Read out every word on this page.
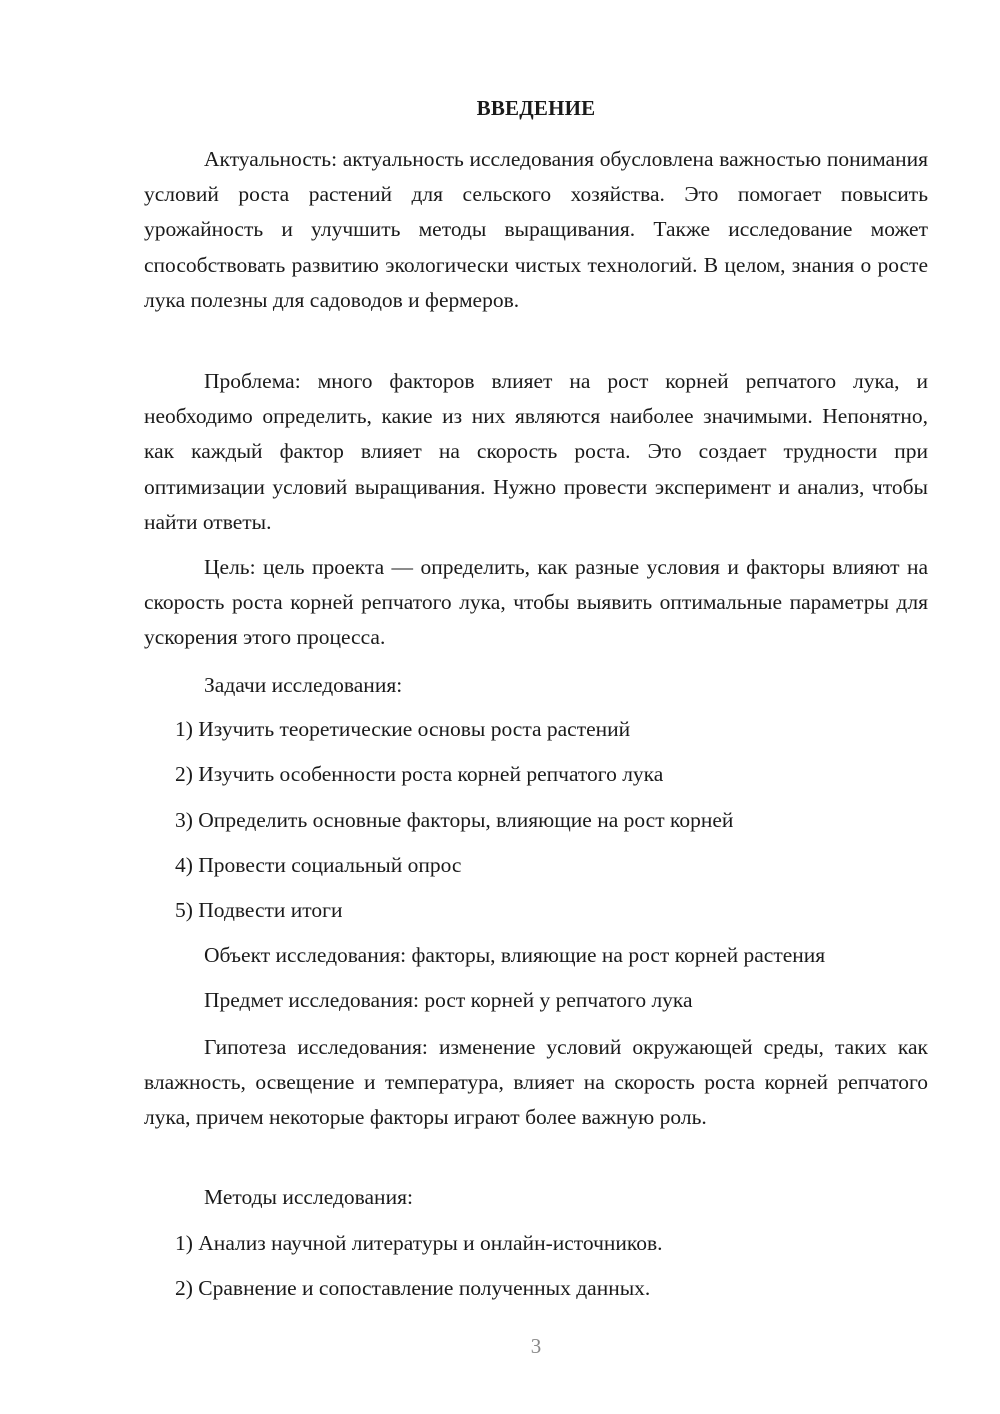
ВВЕДЕНИЕ
Актуальность: актуальность исследования обусловлена важностью понимания условий роста растений для сельского хозяйства. Это помогает повысить урожайность и улучшить методы выращивания. Также исследование может способствовать развитию экологически чистых технологий. В целом, знания о росте лука полезны для садоводов и фермеров.
Проблема: много факторов влияет на рост корней репчатого лука, и необходимо определить, какие из них являются наиболее значимыми. Непонятно, как каждый фактор влияет на скорость роста. Это создает трудности при оптимизации условий выращивания. Нужно провести эксперимент и анализ, чтобы найти ответы.
Цель: цель проекта — определить, как разные условия и факторы влияют на скорость роста корней репчатого лука, чтобы выявить оптимальные параметры для ускорения этого процесса.
Задачи исследования:
1) Изучить теоретические основы роста растений
2) Изучить особенности роста корней репчатого лука
3) Определить основные факторы, влияющие на рост корней
4) Провести социальный опрос
5) Подвести итоги
Объект исследования: факторы, влияющие на рост корней растения
Предмет исследования: рост корней у репчатого лука
Гипотеза исследования: изменение условий окружающей среды, таких как влажность, освещение и температура, влияет на скорость роста корней репчатого лука, причем некоторые факторы играют более важную роль.
Методы исследования:
1) Анализ научной литературы и онлайн-источников.
2) Сравнение и сопоставление полученных данных.
3
